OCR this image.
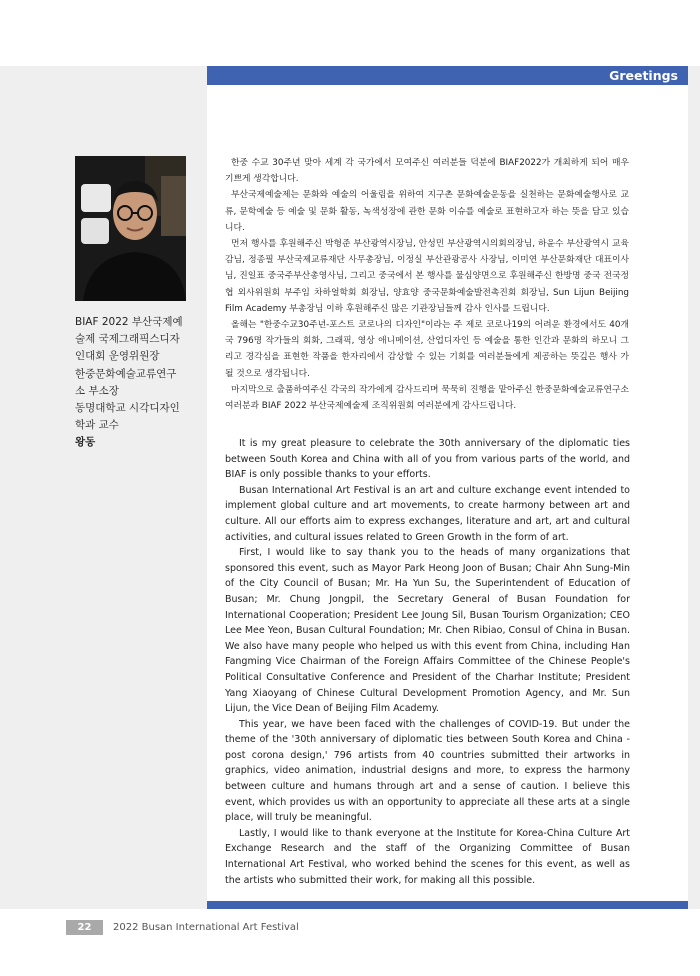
Greetings
BIAF 2022 부산국제예
술제 국제그래픽스디자
인대회 운영위원장
한중문화예술교류연구
소 부소장
동명대학교 시각디자인
학과 교수
왕동

한중 수교 30주년 맞아 세계 각 국가에서 모여주신 여러분들 덕분에 BIAF2022가 개최하게 되어 매우 기쁘게 생각합니다.

부산국제예술제는 문화와 예술의 어울림을 위하여 지구촌 문화예술운동을 실천하는 문화예술행사로 교류, 문학예술 등 예술 및 문화 활동, 녹색성장에 관한 문화 이슈를 예술로 표현하고자 하는 뜻을 담고 있습니다.

먼저 행사를 후원해주신 박형준 부산광역시장님, 안성민 부산광역시의회의장님, 하윤수 부산광역시 교육감님, 정종필 부산국제교류재단 사무총장님, 이정실 부산관광공사 사장님, 이미연 부산문화재단 대표이사님, 진일표 중국주부산총영사님, 그리고 중국에서 본 행사를 물심양면으로 후원해주신 한방명 중국 전국정협 외사위원회 부주임 차하얼학회 회장님, 양효양 중국문화예술발전촉진회 회장님, Sun Lijun Beijing Film Academy 부총장님 이하 후원해주신 많은 기관장님들께 감사 인사를 드립니다.

올해는 "한중수교30주년-포스트 코로나의 디자인"이라는 주 제로 코로나19의 어려운 환경에서도 40개국 796명 작가들의 회화, 그래픽, 영상 애니메이션, 산업디자인 등 예술을 통한 인간과 문화의 하모니 그리고 경각심을 표현한 작품을 한자리에서 감상할 수 있는 기회를 여러분들에게 제공하는 뜻깊은 행사 가 될 것으로 생각됩니다.

마지막으로 출품하여주신 각국의 작가에게 감사드리며 묵묵히 진행을 맡아주신 한중문화예술교류연구소 여러분과 BIAF 2022 부산국제예술제 조직위원회 여러분에게 감사드립니다.

It is my great pleasure to celebrate the 30th anniversary of the diplomatic ties between South Korea and China with all of you from various parts of the world, and BIAF is only possible thanks to your efforts.

Busan International Art Festival is an art and culture exchange event intended to implement global culture and art movements, to create harmony between art and culture. All our efforts aim to express exchanges, literature and art, art and cultural activities, and cultural issues related to Green Growth in the form of art.

First, I would like to say thank you to the heads of many organizations that sponsored this event, such as Mayor Park Heong Joon of Busan; Chair Ahn Sung-Min of the City Council of Busan; Mr. Ha Yun Su, the Superintendent of Education of Busan; Mr. Chung Jongpil, the Secretary General of Busan Foundation for International Cooperation; President Lee Joung Sil, Busan Tourism Organization; CEO Lee Mee Yeon, Busan Cultural Foundation; Mr. Chen Ribiao, Consul of China in Busan. We also have many people who helped us with this event from China, including Han Fangming Vice Chairman of the Foreign Affairs Committee of the Chinese People's Political Consultative Conference and President of the Charhar Institute; President Yang Xiaoyang of Chinese Cultural Development Promotion Agency, and Mr. Sun Lijun, the Vice Dean of Beijing Film Academy.

This year, we have been faced with the challenges of COVID-19. But under the theme of the '30th anniversary of diplomatic ties between South Korea and China - post corona design,' 796 artists from 40 countries submitted their artworks in graphics, video animation, industrial designs and more, to express the harmony between culture and humans through art and a sense of caution. I believe this event, which provides us with an opportunity to appreciate all these arts at a single place, will truly be meaningful.

Lastly, I would like to thank everyone at the Institute for Korea-China Culture Art Exchange Research and the staff of the Organizing Committee of Busan International Art Festival, who worked behind the scenes for this event, as well as the artists who submitted their work, for making all this possible.

22	2022 Busan International Art Festival
